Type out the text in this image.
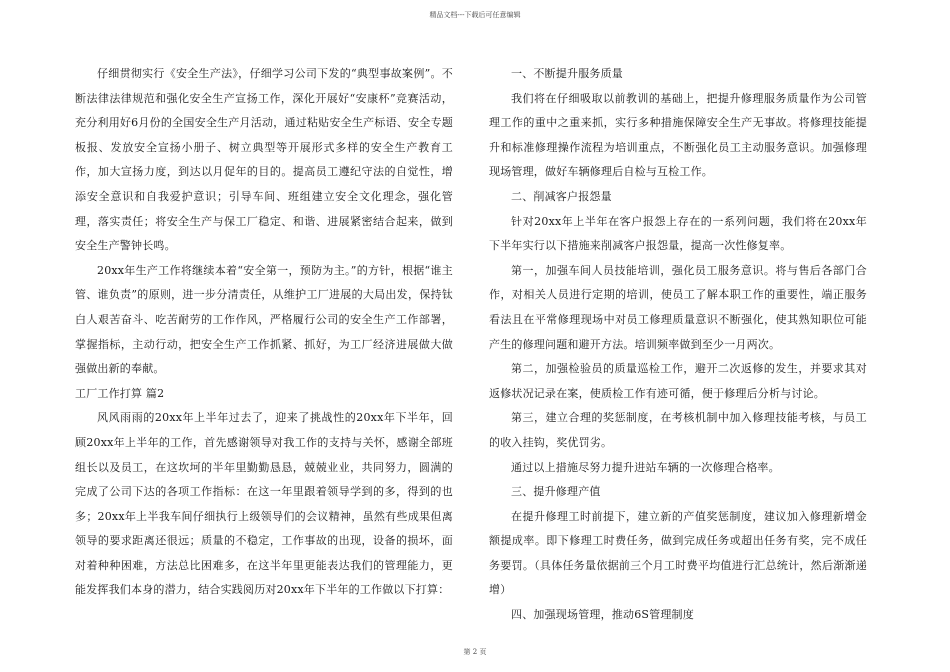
精品文档---下载后可任意编辑

仔细贯彻实行《安全生产法》，仔细学习公司下发的“典型事故案例”。不断法律法律规范和强化安全生产宣扬工作，深化开展好“安康杯”竞赛活动，充分利用好6月份的全国安全生产月活动，通过粘贴安全生产标语、安全专题板报、发放安全宣扬小册子、树立典型等开展形式多样的安全生产教育工作，加大宣扬力度，到达以月促年的目的。提高员工遵纪守法的自觉性，增添安全意识和自我爱护意识；引导车间、班组建立安全文化理念，强化管理，落实责任；将安全生产与保工厂稳定、和谐、进展紧密结合起来，做到安全生产警钟长鸣。

20xx年生产工作将继续本着“安全第一，预防为主。”的方针，根据“谁主管、谁负责”的原则，进一步分清责任，从维护工厂进展的大局出发，保持钛白人艰苦奋斗、吃苦耐劳的工作作风，严格履行公司的安全生产工作部署，掌握指标，主动行动，把安全生产工作抓紧、抓好，为工厂经济进展做大做强做出新的奉献。

工厂工作打算 篇2

风风雨雨的20xx年上半年过去了，迎来了挑战性的20xx年下半年，回顾20xx年上半年的工作，首先感谢领导对我工作的支持与关怀，感谢全部班组长以及员工，在这坎坷的半年里勤勤恳恳，兢兢业业，共同努力，圆满的完成了公司下达的各项工作指标：在这一年里跟着领导学到的多，得到的也多；20xx年上半我车间仔细执行上级领导们的会议精神，虽然有些成果但离领导的要求距离还很远；质量的不稳定，工作事故的出现，设备的损坏，面对着种种困难，方法总比困难多，在这半年里更能表达我们的管理能力，更能发挥我们本身的潜力，结合实践阅历对20xx年下半年的工作做以下打算：

一、不断提升服务质量

我们将在仔细吸取以前教训的基础上，把提升修理服务质量作为公司管理工作的重中之重来抓，实行多种措施保障安全生产无事故。将修理技能提升和标准修理操作流程为培训重点，不断强化员工主动服务意识。加强修理现场管理，做好车辆修理后自检与互检工作。

二、削减客户报怨量

针对20xx年上半年在客户报怨上存在的一系列问题，我们将在20xx年下半年实行以下措施来削减客户报怨量，提高一次性修复率。

第一，加强车间人员技能培训，强化员工服务意识。将与售后各部门合作，对相关人员进行定期的培训，使员工了解本职工作的重要性，端正服务看法且在平常修理现场中对员工修理质量意识不断强化，使其熟知职位可能产生的修理问题和避开方法。培训频率做到至少一月两次。

第二，加强检验员的质量巡检工作，避开二次返修的发生，并要求其对返修状况记录在案，使质检工作有迹可循，便于修理后分析与讨论。

第三，建立合理的奖惩制度，在考核机制中加入修理技能考核，与员工的收入挂钩，奖优罚劣。

通过以上措施尽努力提升进站车辆的一次修理合格率。

三、提升修理产值

在提升修理工时前提下，建立新的产值奖惩制度，建议加入修理新增金额提成率。即下修理工时费任务，做到完成任务或超出任务有奖，完不成任务要罚。（具体任务量依据前三个月工时费平均值进行汇总统计，然后渐渐递增）

四、加强现场管理，推动6S管理制度

第 2 页
